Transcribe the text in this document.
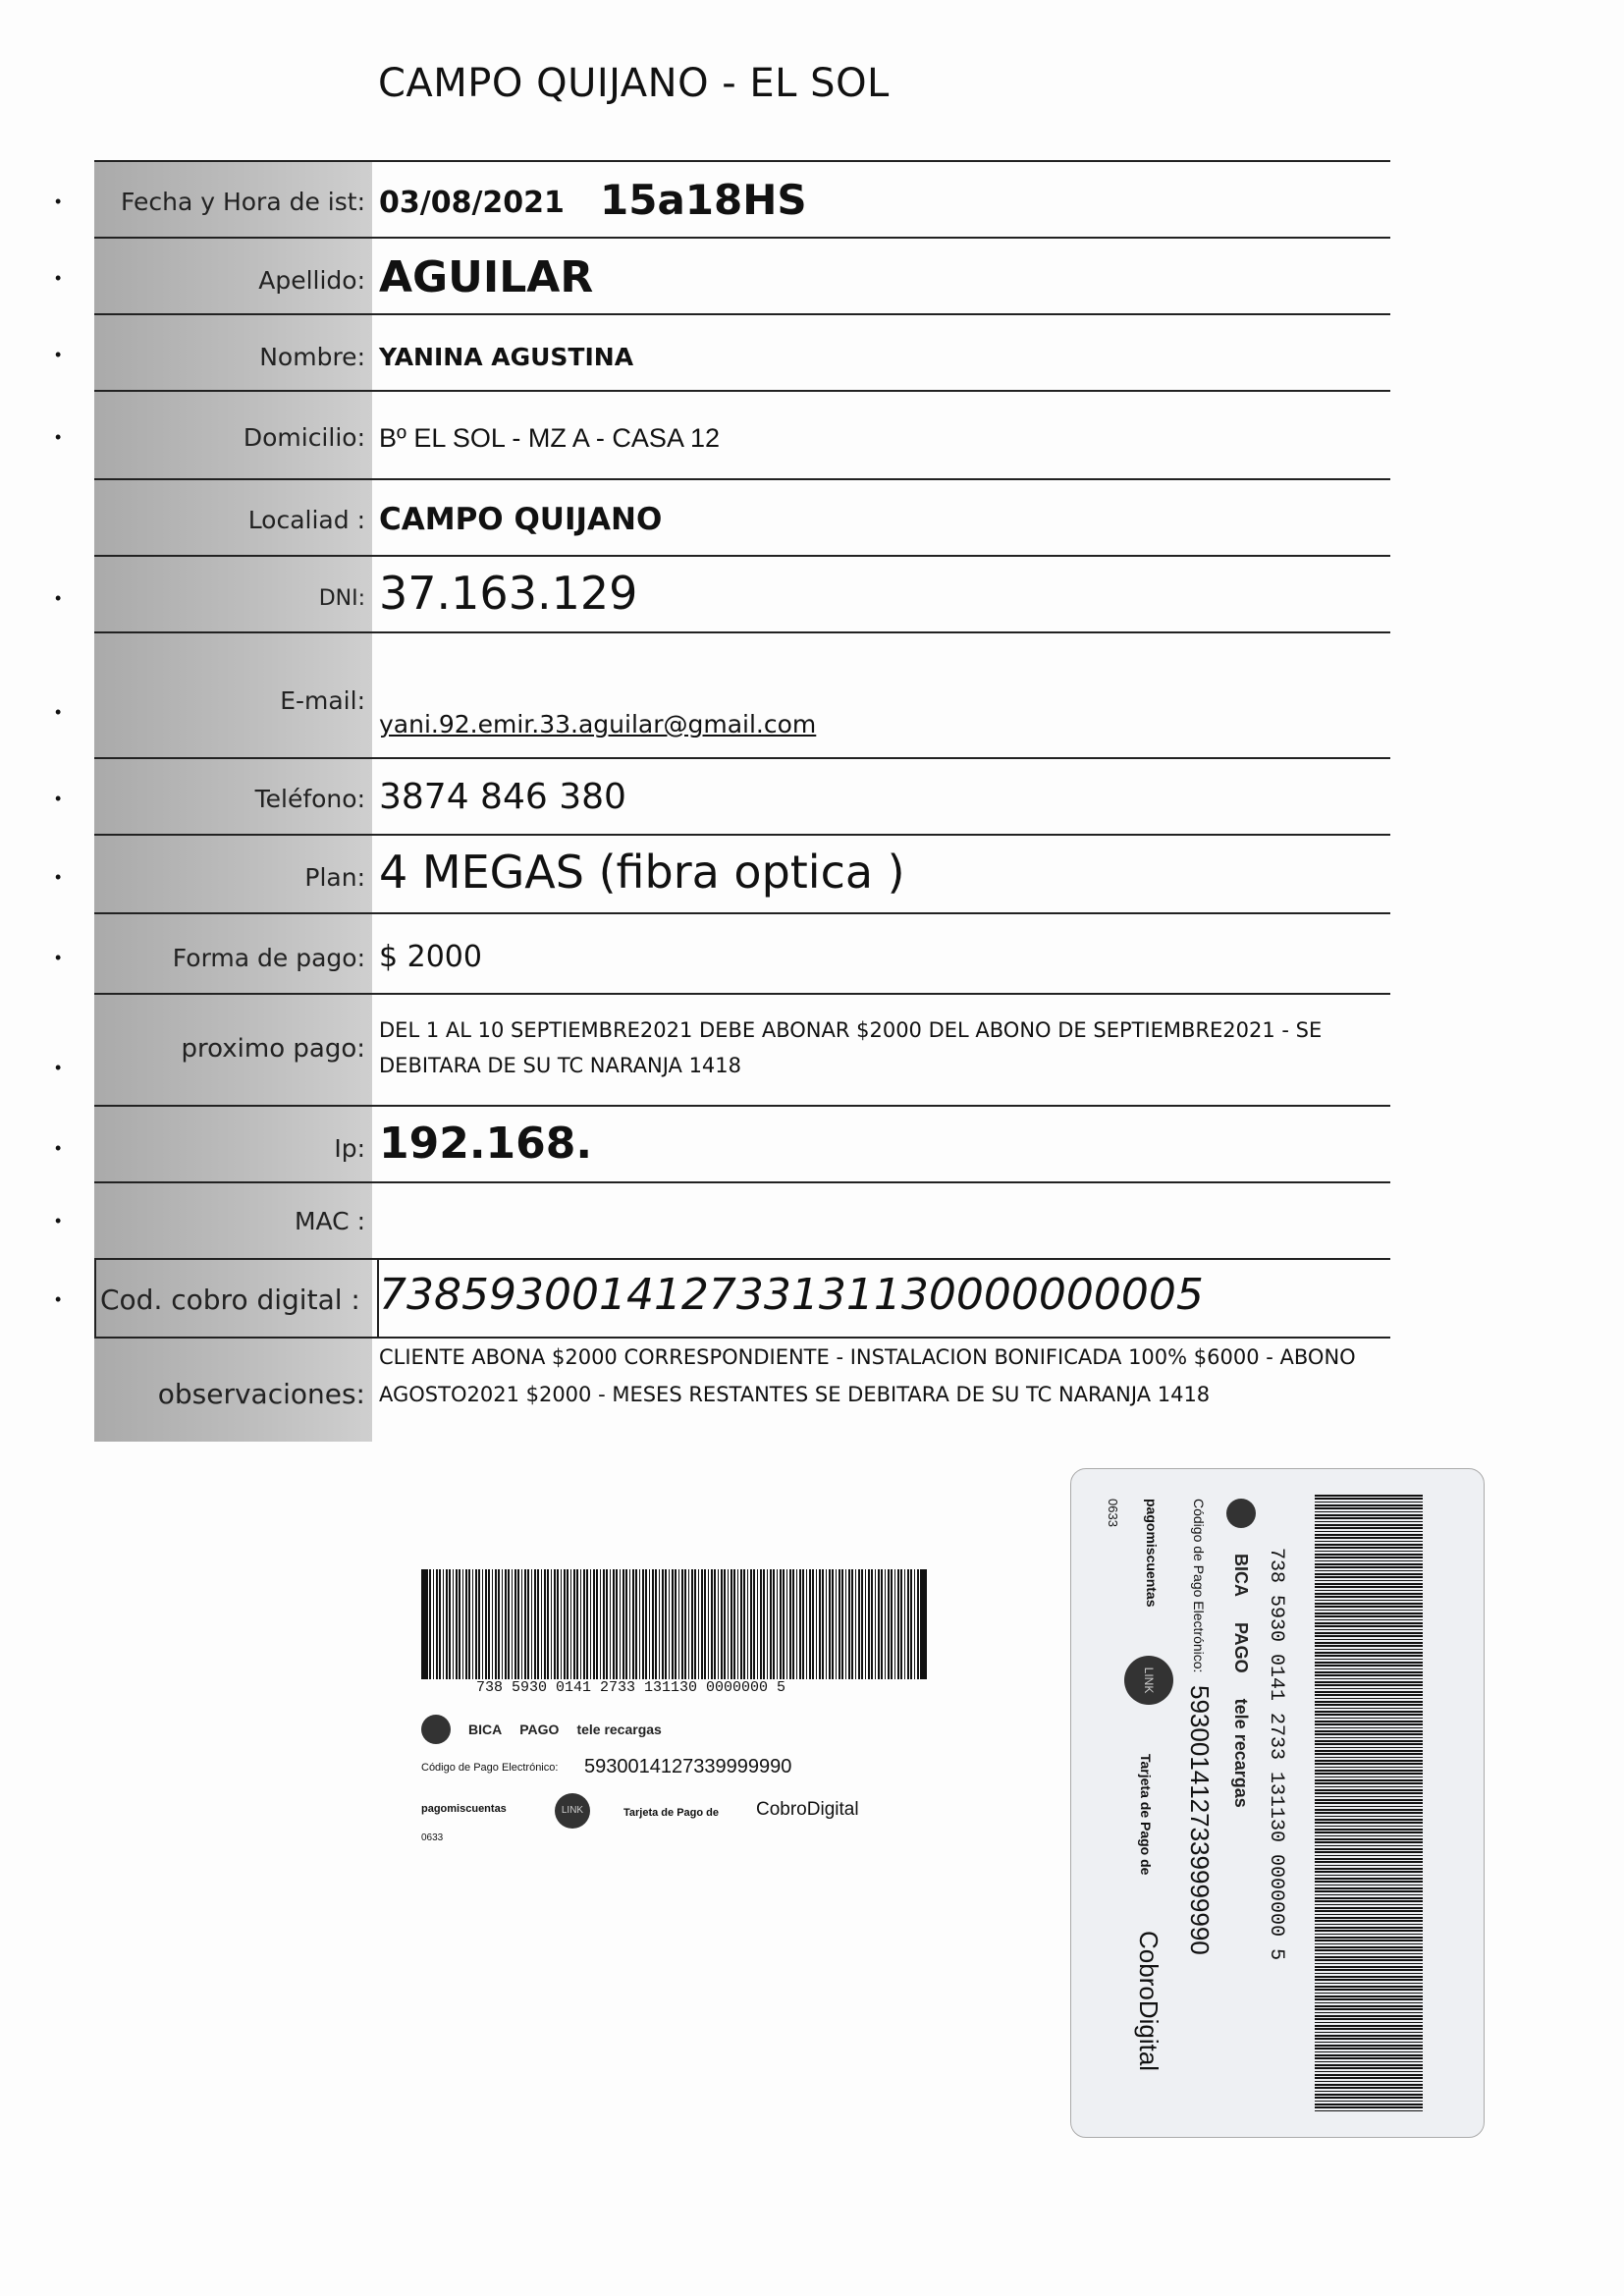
CAMPO QUIJANO - EL SOL
•	Fecha y Hora de ist: 03/08/2021 15a18HS
•	Apellido: AGUILAR
•	Nombre: YANINA AGUSTINA
•	Domicilio: Bº EL SOL - MZ A - CASA 12
Localiad : CAMPO QUIJANO
•	DNI: 37.163.129
•	E-mail:
yani.92.emir.33.aguilar@gmail.com
•	Teléfono: 3874 846 380
•	Plan: 4 MEGAS (fibra optica )
•	Forma de pago: $ 2000
•
proximo pago:
DEL 1 AL 10 SEPTIEMBRE2021 DEBE ABONAR $2000 DEL ABONO DE SEPTIEMBRE2021 - SE DEBITARA DE SU TC NARANJA 1418
•	Ip: 192.168.
•	MAC :
• Cod. cobro digital : 738593001412733131130000000005
observaciones:
CLIENTE ABONA $2000 CORRESPONDIENTE - INSTALACION BONIFICADA 100% $6000 - ABONO AGOSTO2021 $2000 - MESES RESTANTES SE DEBITARA DE SU TC NARANJA 1418
738 5930 0141 2733 131130 0000000 5
BICA PAGO tele recargas
Código de Pago Electrónico: 5930014127339999990
pagomiscuentas	LINK	Tarjeta de Pago de CobroDigital
0633	738 5930 0141 2733 131130 0000000 5
BICA
PAGO
tele recargas
Código de Pago Electrónico:
5930014127339999990
pagomiscuentas
LINK
Tarjeta de Pago de
CobroDigital
0633
